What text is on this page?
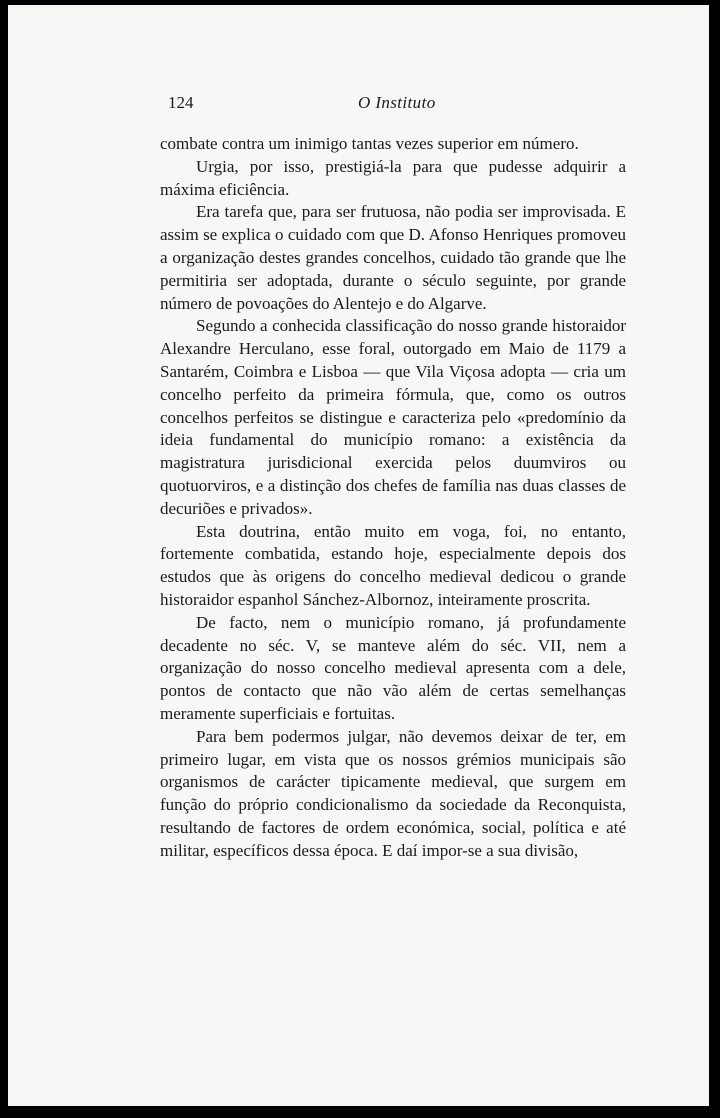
124	O Instituto

combate contra um inimigo tantas vezes superior em número.

Urgia, por isso, prestigiá-la para que pudesse adquirir a máxima eficiência.

Era tarefa que, para ser frutuosa, não podia ser improvisada. E assim se explica o cuidado com que D. Afonso Henriques promoveu a organização destes grandes concelhos, cuidado tão grande que lhe permitiria ser adoptada, durante o século seguinte, por grande número de povoações do Alentejo e do Algarve.

Segundo a conhecida classificação do nosso grande historaidor Alexandre Herculano, esse foral, outorgado em Maio de 1179 a Santarém, Coimbra e Lisboa — que Vila Viçosa adopta — cria um concelho perfeito da primeira fórmula, que, como os outros concelhos perfeitos se distingue e caracteriza pelo «predomínio da ideia fundamental do município romano: a existência da magistratura jurisdicional exercida pelos duumviros ou quotuorviros, e a distinção dos chefes de família nas duas classes de decuriões e privados».

Esta doutrina, então muito em voga, foi, no entanto, fortemente combatida, estando hoje, especialmente depois dos estudos que às origens do concelho medieval dedicou o grande historaidor espanhol Sánchez-Albornoz, inteiramente proscrita.

De facto, nem o município romano, já profundamente decadente no séc. V, se manteve além do séc. VII, nem a organização do nosso concelho medieval apresenta com a dele, pontos de contacto que não vão além de certas semelhanças meramente superficiais e fortuitas.

Para bem podermos julgar, não devemos deixar de ter, em primeiro lugar, em vista que os nossos grémios municipais são organismos de carácter tipicamente medieval, que surgem em função do próprio condicionalismo da sociedade da Reconquista, resultando de factores de ordem económica, social, política e até militar, específicos dessa época. E daí impor-se a sua divisão,
